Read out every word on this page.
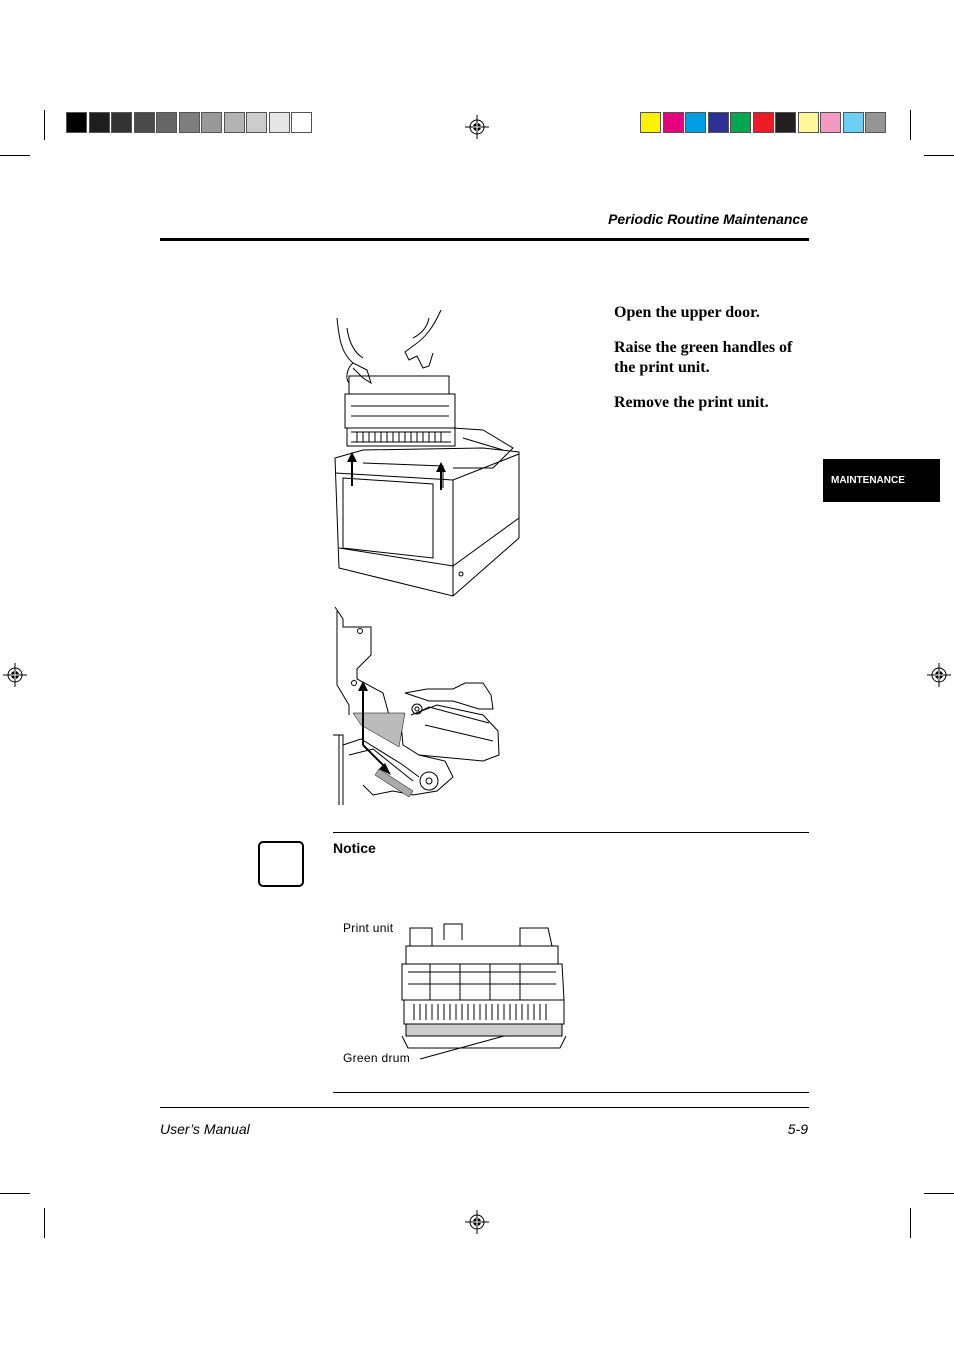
Periodic Routine Maintenance

Open the upper door.

Raise the green handles of the print unit.

Remove the print unit.

MAINTENANCE
Notice
Print unit
Green drum
User’s Manual	5-9
